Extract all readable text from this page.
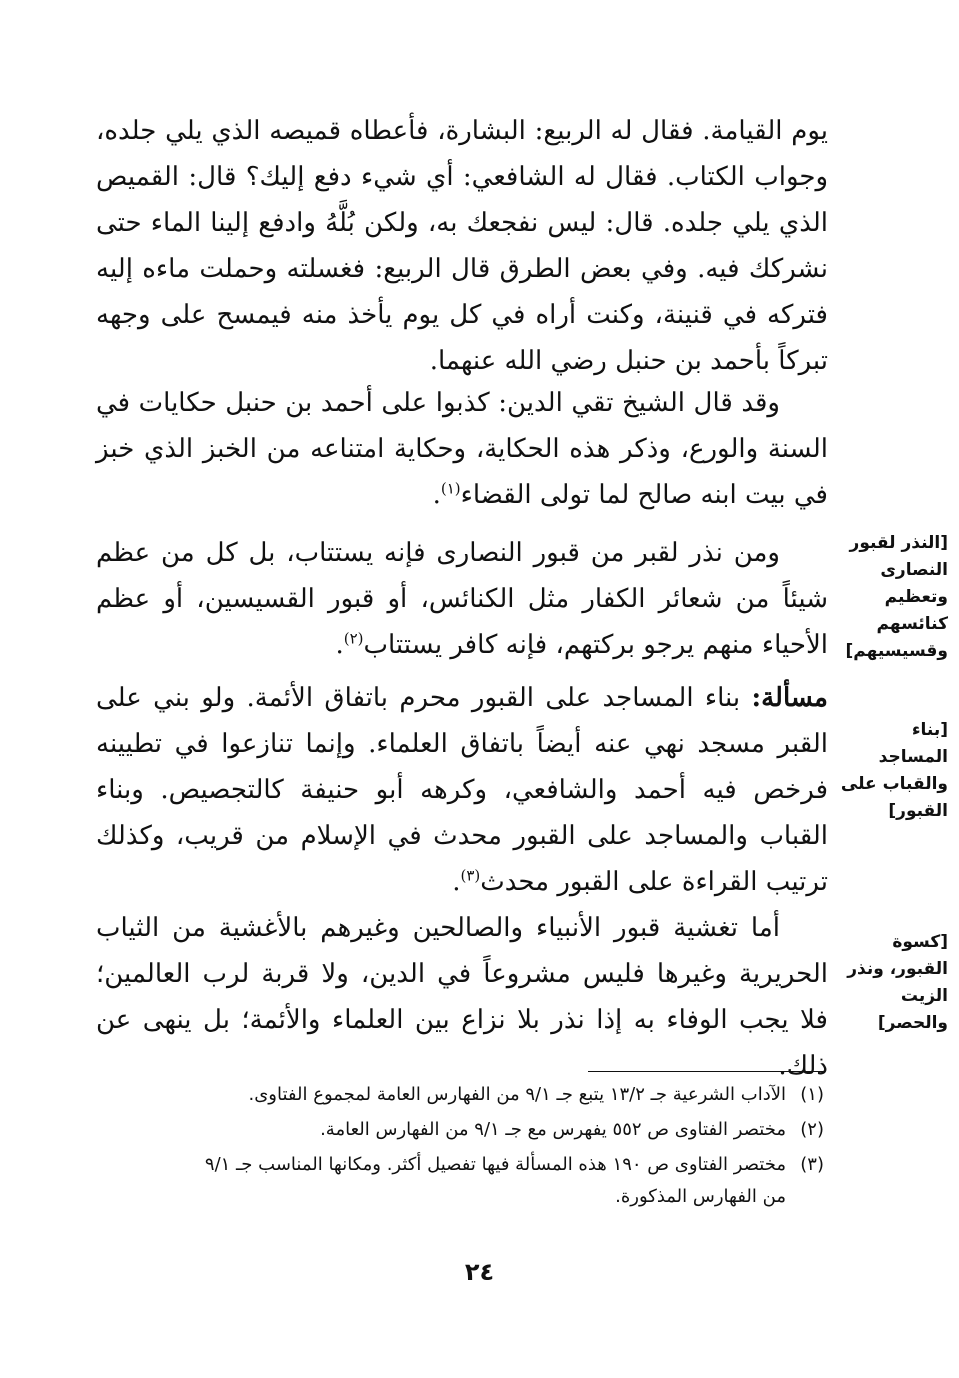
يوم القيامة. فقال له الربيع: البشارة، فأعطاه قميصه الذي يلي جلده، وجواب الكتاب. فقال له الشافعي: أي شيء دفع إليك؟ قال: القميص الذي يلي جلده. قال: ليس نفجعك به، ولكن بُلَّهُ وادفع إلينا الماء حتى نشركك فيه. وفي بعض الطرق قال الربيع: فغسلته وحملت ماءه إليه فتركه في قنينة، وكنت أراه في كل يوم يأخذ منه فيمسح على وجهه تبركاً بأحمد بن حنبل رضي الله عنهما.

وقد قال الشيخ تقي الدين: كذبوا على أحمد بن حنبل حكايات في السنة والورع، وذكر هذه الحكاية، وحكاية امتناعه من الخبز الذي خبز في بيت ابنه صالح لما تولى القضاء$^{(١)}$.

ومن نذر لقبر من قبور النصارى فإنه يستتاب، بل كل من عظم شيئاً من شعائر الكفار مثل الكنائس، أو قبور القسيسين، أو عظم الأحياء منهم يرجو بركتهم، فإنه كافر يستتاب$^{(٢)}$.

مسألة: بناء المساجد على القبور محرم باتفاق الأئمة. ولو بني على القبر مسجد نهي عنه أيضاً باتفاق العلماء. وإنما تنازعوا في تطيينه فرخص فيه أحمد والشافعي، وكرهه أبو حنيفة كالتجصيص. وبناء القباب والمساجد على القبور محدث في الإسلام من قريب، وكذلك ترتيب القراءة على القبور محدث$^{(٣)}$.

أما تغشية قبور الأنبياء والصالحين وغيرهم بالأغشية من الثياب الحريرية وغيرها فليس مشروعاً في الدين، ولا قربة لرب العالمين؛ فلا يجب الوفاء به إذا نذر بلا نزاع بين العلماء والأئمة؛ بل ينهى عن ذلك.

[النذر لقبور النصارى وتعظيم كنائسهم وقسيسيهم]

[بناء المساجد والقباب على القبور]

[كسوة القبور، ونذر الزيت والحصر]

(١)الآداب الشرعية جـ ١٣/٢ يتبع جـ ٩/١ من الفهارس العامة لمجموع الفتاوى.
(٢)مختصر الفتاوى ص ٥٥٢ يفهرس مع جـ ٩/١ من الفهارس العامة.
(٣)مختصر الفتاوى ص ١٩٠ هذه المسألة فيها تفصيل أكثر. ومكانها المناسب جـ ٩/١
من الفهارس المذكورة.
٢٤
